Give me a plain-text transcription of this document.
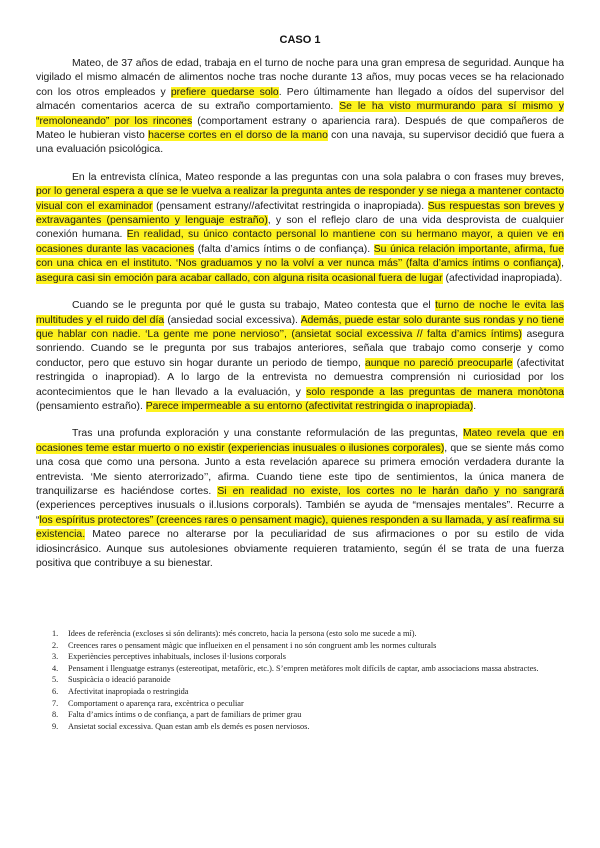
CASO 1

Mateo, de 37 años de edad, trabaja en el turno de noche para una gran empresa de seguridad. Aunque ha vigilado el mismo almacén de alimentos noche tras noche durante 13 años, muy pocas veces se ha relacionado con los otros empleados y prefiere quedarse solo. Pero últimamente han llegado a oídos del supervisor del almacén comentarios acerca de su extraño comportamiento. Se le ha visto murmurando para sí mismo y “remoloneando” por los rincones (comportament estrany o apariencia rara). Después de que compañeros de Mateo le hubieran visto hacerse cortes en el dorso de la mano con una navaja, su supervisor decidió que fuera a una evaluación psicológica.

En la entrevista clínica, Mateo responde a las preguntas con una sola palabra o con frases muy breves, por lo general espera a que se le vuelva a realizar la pregunta antes de responder y se niega a mantener contacto visual con el examinador (pensament estrany//afectivitat restringida o inapropiada). Sus respuestas son breves y extravagantes (pensamiento y lenguaje estraño), y son el reflejo claro de una vida desprovista de cualquier conexión humana. En realidad, su único contacto personal lo mantiene con su hermano mayor, a quien ve en ocasiones durante las vacaciones (falta d’amics íntims o de confiança). Su única relación importante, afirma, fue con una chica en el instituto. ‘Nos graduamos y no la volví a ver nunca más’’ (falta d’amics íntims o confiança), asegura casi sin emoción para acabar callado, con alguna risita ocasional fuera de lugar (afectividad inapropiada).

Cuando se le pregunta por qué le gusta su trabajo, Mateo contesta que el turno de noche le evita las multitudes y el ruido del día (ansiedad social excessiva). Además, puede estar solo durante sus rondas y no tiene que hablar con nadie. ‘La gente me pone nervioso’’, (ansietat social excessiva // falta d’amics íntims) asegura sonriendo. Cuando se le pregunta por sus trabajos anteriores, señala que trabajo como conserje y como conductor, pero que estuvo sin hogar durante un periodo de tiempo, aunque no pareció preocuparle (afectivitat restringida o inapropiad). A lo largo de la entrevista no demuestra comprensión ni curiosidad por los acontecimientos que le han llevado a la evaluación, y solo responde a las preguntas de manera monòtona (pensamiento estraño). Parece impermeable a su entorno (afectivitat restringida o inapropiada).

Tras una profunda exploración y una constante reformulación de las preguntas, Mateo revela que en ocasiones teme estar muerto o no existir (experiencias inusuales o ilusiones corporales), que se siente más como una cosa que como una persona. Junto a esta revelación aparece su primera emoción verdadera durante la entrevista. ‘Me siento aterrorizado’’, afirma. Cuando tiene este tipo de sentimientos, la única manera de tranquilizarse es haciéndose cortes. Si en realidad no existe, los cortes no le harán daño y no sangrará (experiences perceptives inusuals o il.lusions corporals). También se ayuda de “mensajes mentales”. Recurre a “los espíritus protectores” (creences rares o pensament magic), quienes responden a su llamada, y así reafirma su existencia. Mateo parece no alterarse por la peculiaridad de sus afirmaciones o por su estilo de vida idiosincrásico. Aunque sus autolesiones obviamente requieren tratamiento, según él se trata de una fuerza positiva que contribuye a su bienestar.

1.	Idees de referència (excloses si són delirants): més concreto, hacia la persona (esto solo me sucede a mí).
2.	Creences rares o pensament màgic que influeixen en el pensament i no són congruent amb les normes culturals
3.	Experiències perceptives inhabituals, incloses il·lusions corporals
4.	Pensament i llenguatge estranys (estereotipat, metafòric, etc.). S’empren metàfores molt difícils de captar, amb associacions massa abstractes.
5.	Suspicàcia o ideació paranoide
6.	Afectivitat inapropiada o restringida
7.	Comportament o aparença rara, excèntrica o peculiar
8.	Falta d’amics íntims o de confiança, a part de familiars de primer grau
9.	Ansietat social excessiva. Quan estan amb els demés es posen nerviosos.
